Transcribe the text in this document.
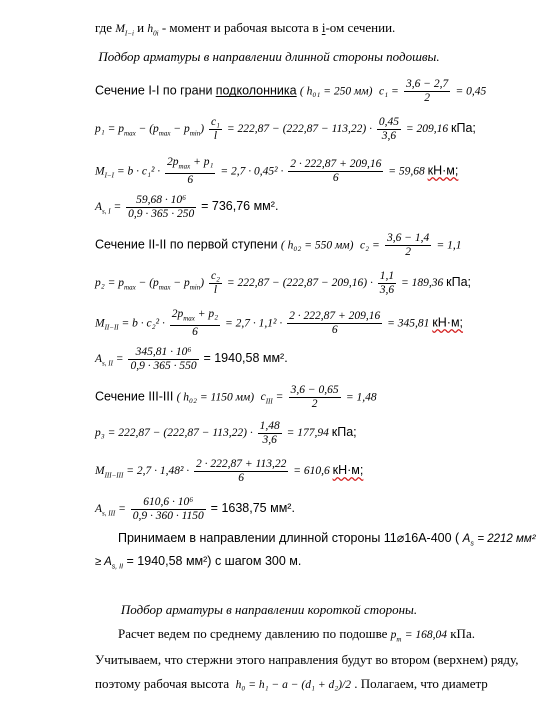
где $M_{I-i}$ и $h_{0i}$ - момент и рабочая высота в i-ом сечении.
Подбор арматуры в направлении длинной стороны подошвы.
Сечение I-I по грани подколонника ( h₀₁ = 250 мм) $c_1 = \frac{3,6 - 2,7}{2} = 0,45$
$p_1 = p_{max} - (p_{max} - p_{min}) \frac{\text{c₁}}{l} = 222,87 - (222,87 - 113,22) \cdot \frac{0,45}{3,6} = 209,16$ кПа;
$M_{I-I} = b \cdot c_1^2 \cdot \frac{2p_{max} + p_1}{6} = 2,7 \cdot 0,45^2 \cdot \frac{2 \cdot 222,87 + 209,16}{6} = 59,68$ кН·м;
$A_{s, I} = \frac{\text{59,68 · 10⁶}}{0,9 \cdot 365 \cdot 250} = 736,76$ мм².
Сечение II-II по первой ступени ( h₀₂ = 550 мм) $c_2 = \frac{3,6 - 1,4}{2} = 1,1$
$p_2 = p_{max} - (p_{max} - p_{min}) \frac{\text{c₂}}{l} = 222,87 - (222,87 - 209,16) \cdot \frac{1,1}{3,6} = 189,36$ кПа;
$M_{II-II} = b \cdot c_2^2 \cdot \frac{2p_{max} + p_2}{6} = 2,7 \cdot 1,1^2 \cdot \frac{2 \cdot 222,87 + 209,16}{6} = 345,81$ кН·м;
$A_{s, II} = \frac{\text{345,81 · 10⁶}}{0,9 \cdot 365 \cdot 550} = 1940,58$ мм².
Сечение III-III ( h₀₂ = 1150 мм) $c_{III} = \frac{3,6 - 0,65}{2} = 1,48$
$p_3 = 222,87 - (222,87 - 113,22) \cdot \frac{1,48}{3,6} = 177,94$ кПа;
$M_{III-III} = 2,7 \cdot 1,48^2 \cdot \frac{2 \cdot 222,87 + 113,22}{6} = 610,6$ кН·м;
$A_{s, III} = \frac{\text{610,6 · 10⁶}}{0,9 \cdot 360 \cdot 1150} = 1638,75$ мм².
Принимаем в направлении длинной стороны 11⌀16А-400 ( $A_s = 2212$ мм²
≥ $A_{s, II} = 1940,58$ мм²) с шагом 300 м.
Подбор арматуры в направлении короткой стороны.
Расчет ведем по среднему давлению по подошве $p_m = 168,04$ кПа.
Учитываем, что стержни этого направления будут во втором (верхнем) ряду,
поэтому рабочая высота h₀ = h₁ − a − (d₁ + d₂)/2 . Полагаем, что диаметр
